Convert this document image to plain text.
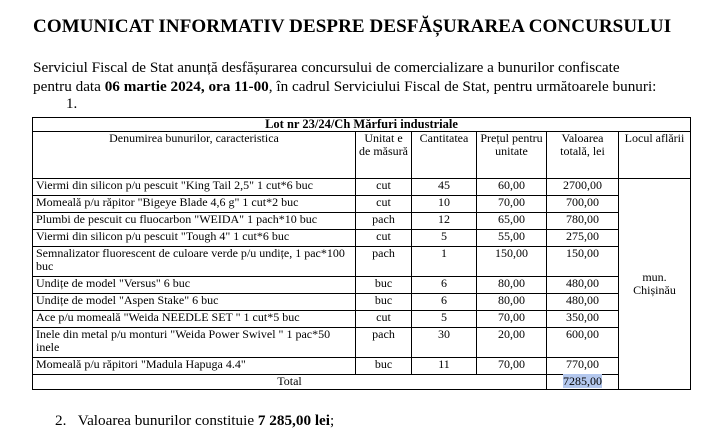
COMUNICAT INFORMATIV DESPRE DESFĂȘURAREA CONCURSULUI
Serviciul Fiscal de Stat anunță desfășurarea concursului de comercializare a bunurilor confiscate
pentru data 06 martie 2024, ora 11-00, în cadrul Serviciului Fiscal de Stat, pentru următoarele bunuri:
1.
Lot nr 23/24/Ch Mărfuri industriale					
Denumirea bunurilor, caracteristica	Unitat e de măsură	Cantitatea	Prețul pentru unitate	Valoarea totală, lei	Locul aflării
Viermi din silicon p/u pescuit "King Tail 2,5" 1 cut*6 buc	cut	45	60,00	2700,00	mun. Chișinău
Momeală p/u răpitor "Bigeye Blade 4,6 g" 1 cut*2 buc	cut	10	70,00	700,00	
Plumbi de pescuit cu fluocarbon "WEIDA" 1 pach*10 buc	pach	12	65,00	780,00	
Viermi din silicon p/u pescuit "Tough 4" 1 cut*6 buc	cut	5	55,00	275,00	
Semnalizator fluorescent de culoare verde p/u undițe, 1 pac*100 buc	pach	1	150,00	150,00	
Undițe de model "Versus" 6 buc	buc	6	80,00	480,00	
Undițe de model "Aspen Stake" 6 buc	buc	6	80,00	480,00	
Ace p/u momeală "Weida NEEDLE SET " 1 cut*5 buc	cut	5	70,00	350,00	
Inele din metal p/u monturi "Weida Power Swivel " 1 pac*50 inele	pach	30	20,00	600,00	
Momeală p/u răpitori "Madula Hapuga 4.4"	buc	11	70,00	770,00	
Total				7285,00	
2. Valoarea bunurilor constituie 7 285,00 lei;
